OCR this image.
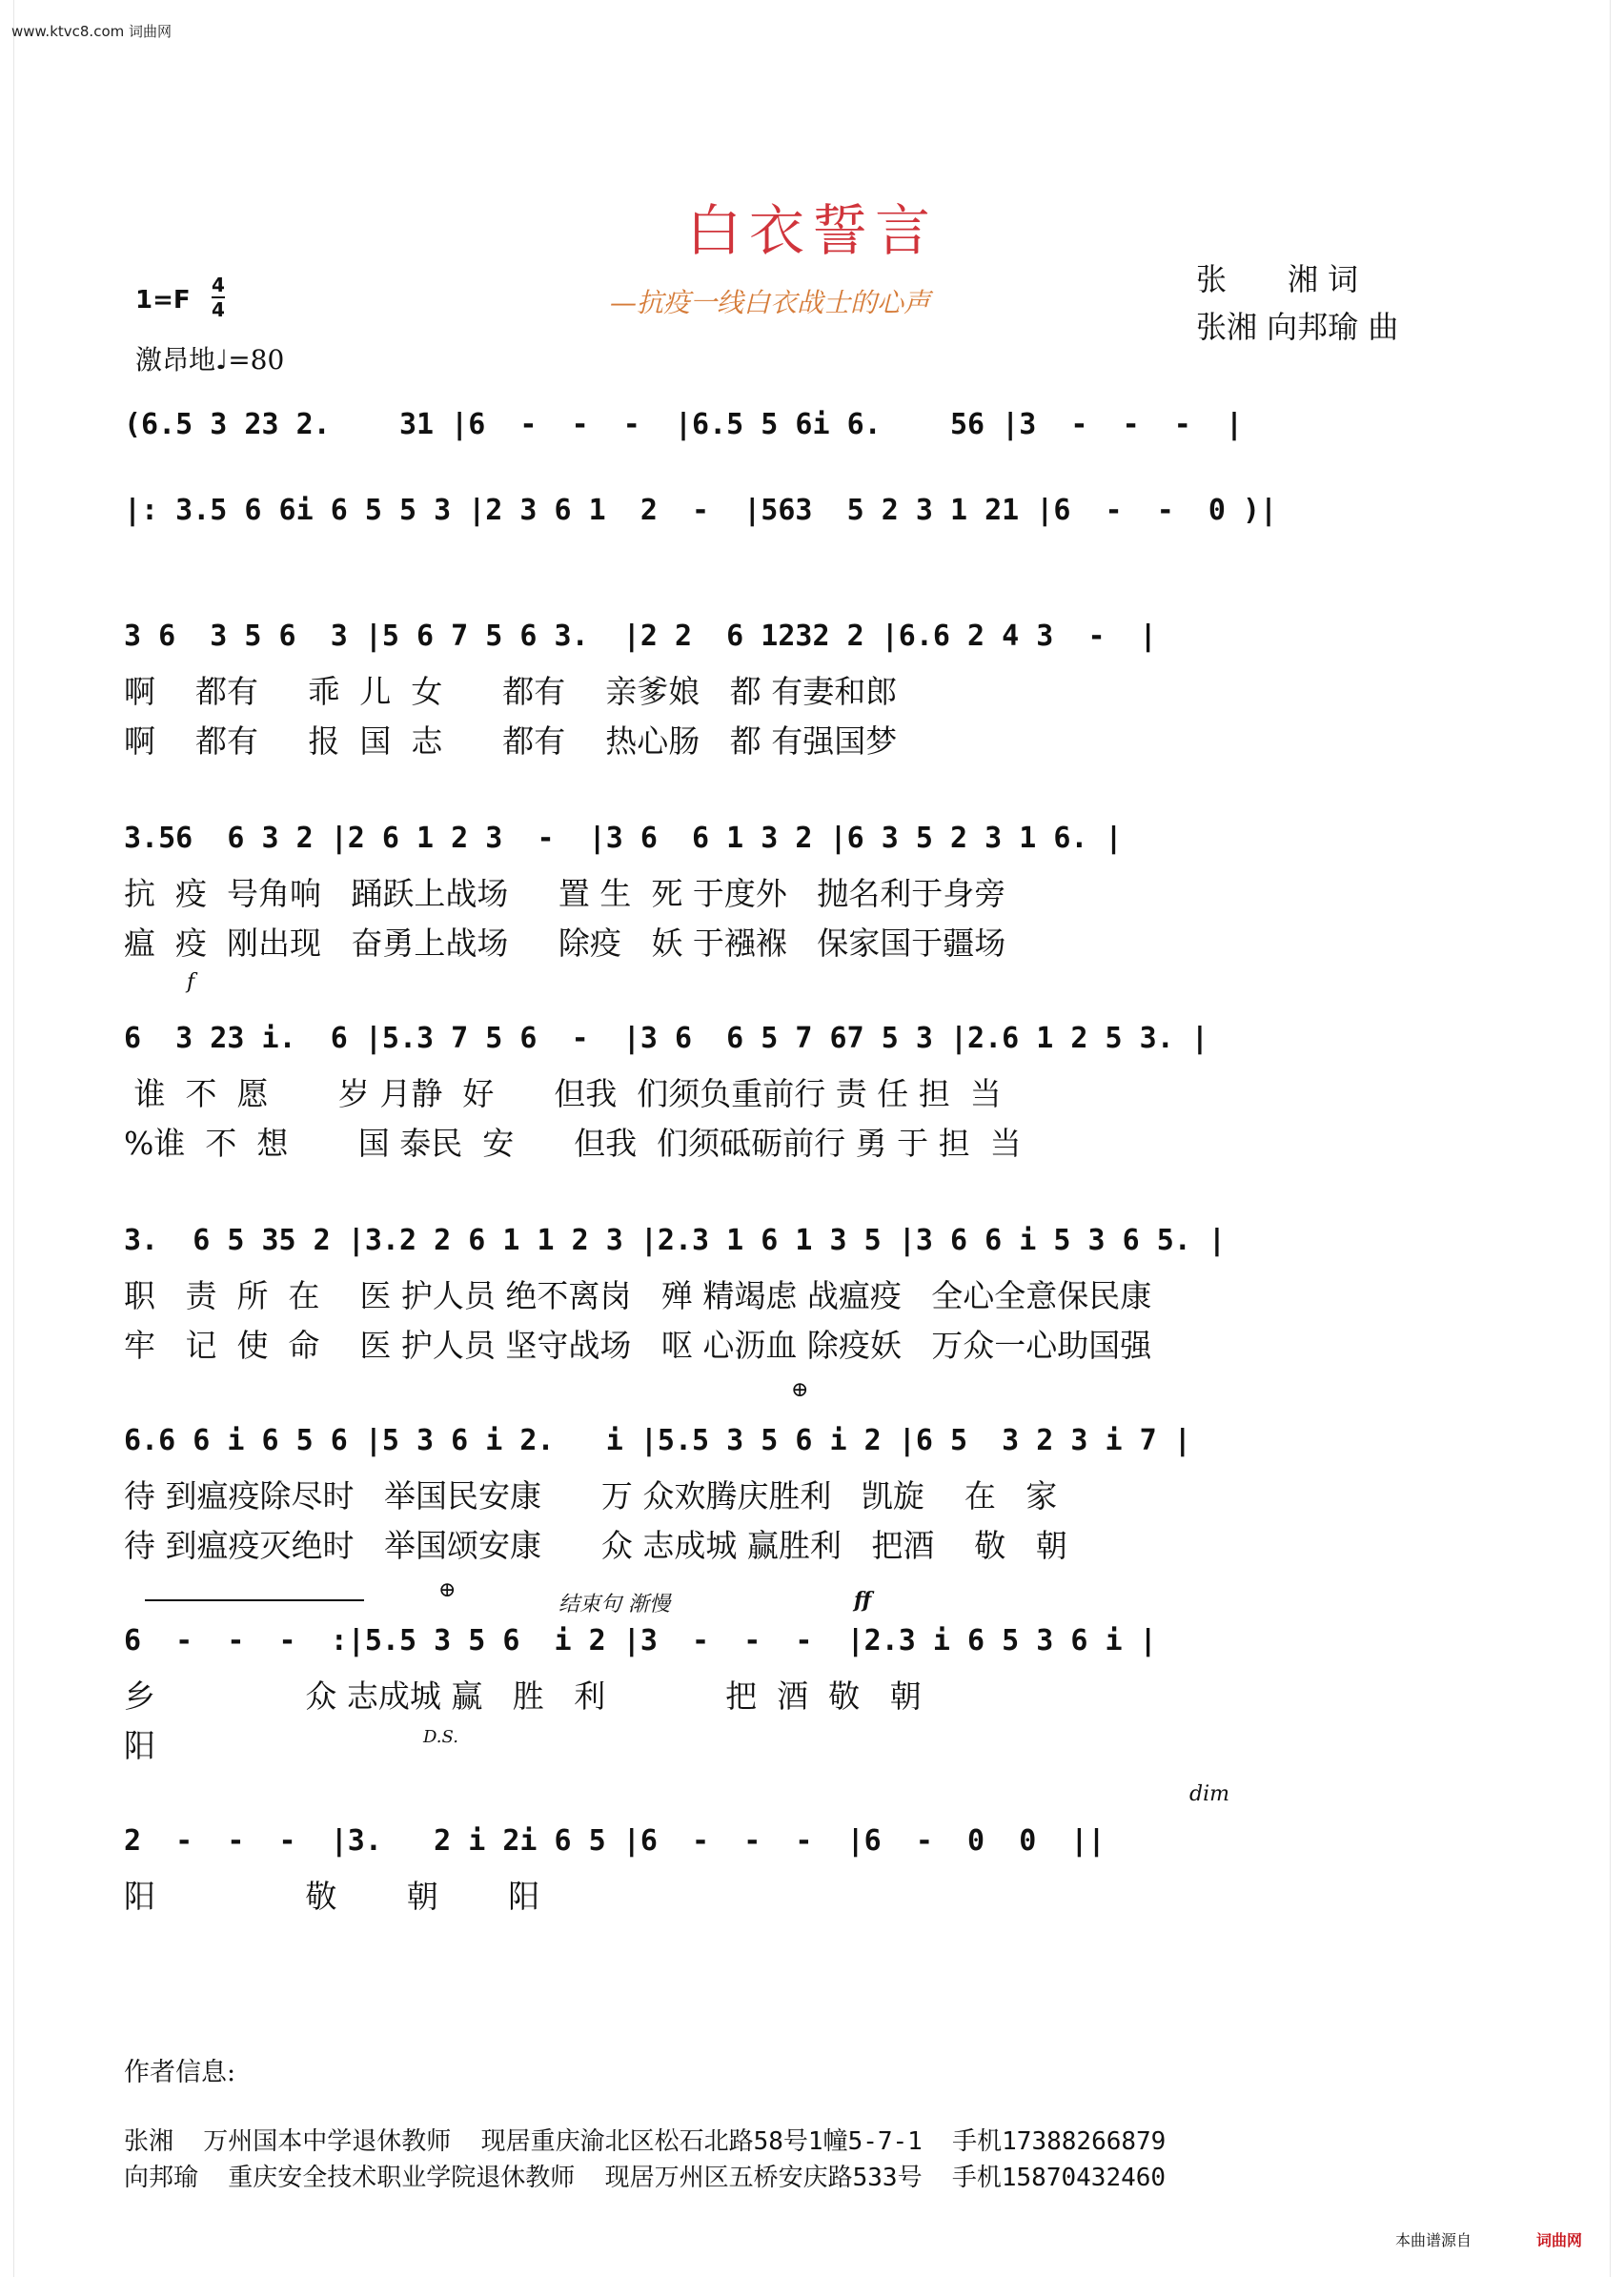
www.ktvc8.com 词曲网
白衣誓言
—抗疫一线白衣战士的心声
张　　湘 词
张湘 向邦瑜 曲
1=F
4
4
激昂地♩=80
(6.5 3 23 2.    31 |6  -  -  -  |6.5 5 6i 6.    56 |3  -  -  -  |
|: 3.5 6 6i 6 5 5 3 |2 3 6 1  2  -  |563  5 2 3 1 21 |6  -  -  0 )|
3 6  3 5 6  3 |5 6 7 5 6 3.  |2 2  6 1232 2 |6.6 2 4 3  -  |
啊    都有     乖  儿  女      都有    亲爹娘   都 有妻和郎
啊    都有     报  国  志      都有    热心肠   都 有强国梦
3.56  6 3 2 |2 6 1 2 3  -  |3 6  6 1 3 2 |6 3 5 2 3 1 6. |
抗  疫  号角响   踊跃上战场     置 生  死 于度外   抛名利于身旁
瘟  疫  刚出现   奋勇上战场     除疫   妖 于襁褓   保家国于疆场
f
6  3 23 i.  6 |5.3 7 5 6  -  |3 6  6 5 7 67 5 3 |2.6 1 2 5 3. |
谁  不  愿       岁 月静  好      但我  们须负重前行 责 任 担  当
%谁  不  想       国 泰民  安      但我  们须砥砺前行 勇 于 担  当
3.  6 5 35 2 |3.2 2 6 1 1 2 3 |2.3 1 6 1 3 5 |3 6 6 i 5 3 6 5. |
职   责  所  在    医 护人员 绝不离岗   殚 精竭虑 战瘟疫   全心全意保民康
牢   记  使  命    医 护人员 坚守战场   呕 心沥血 除疫妖   万众一心助国强
⊕
6.6 6 i 6 5 6 |5 3 6 i 2.   i |5.5 3 5 6 i 2 |6 5  3 2 3 i 7 |
待 到瘟疫除尽时   举国民安康      万 众欢腾庆胜利   凯旋    在   家
待 到瘟疫灭绝时   举国颂安康      众 志成城 赢胜利   把酒    敬   朝
⊕
结束句 渐慢	ff
6  -  -  -  :|5.5 3 5 6  i 2 |3  -  -  -  |2.3 i 6 5 3 6 i |
乡               众 志成城 赢   胜   利            把  酒  敬   朝
阳	D.S.
dim
2  -  -  -  |3.   2 i 2i 6 5 |6  -  -  -  |6  -  0  0  ||
阳               敬       朝       阳
作者信息:
张湘  万州国本中学退休教师  现居重庆渝北区松石北路58号1幢5-7-1  手机17388266879
向邦瑜  重庆安全技术职业学院退休教师  现居万州区五桥安庆路533号  手机15870432460
本曲谱源自	词曲网
